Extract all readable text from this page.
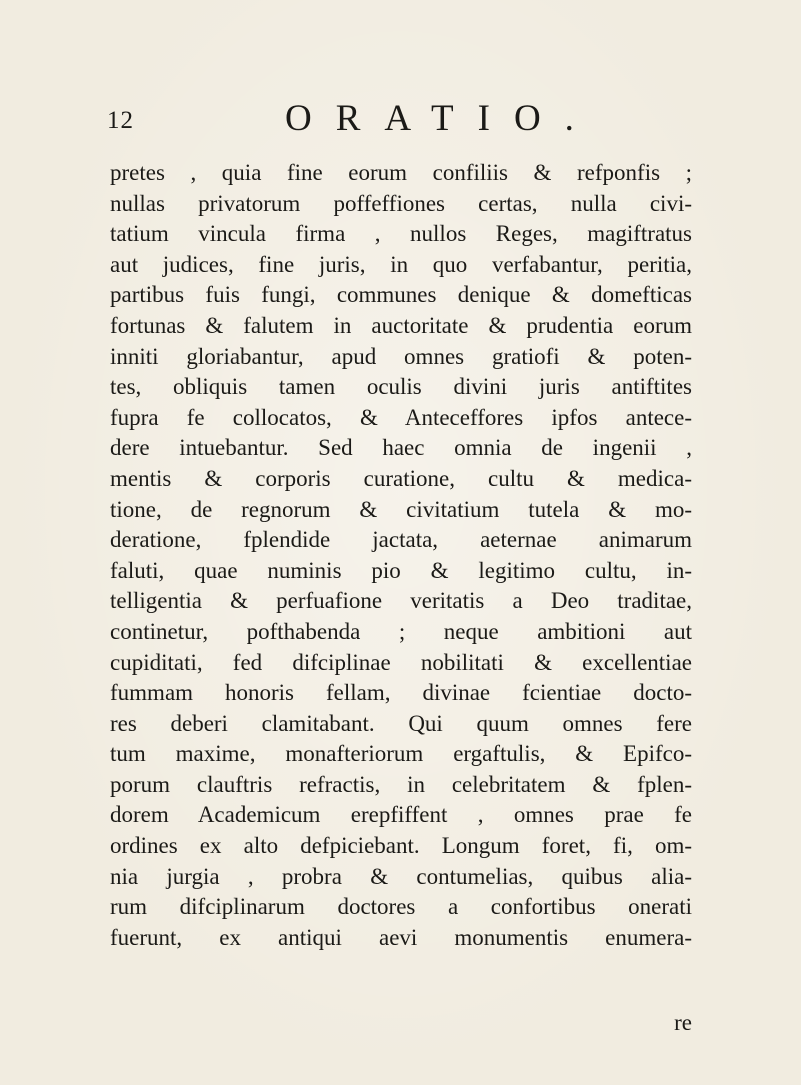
12	ORATIO.
pretes , quia fine eorum confiliis & refponfis ;
nullas privatorum poffeffiones certas, nulla civi-
tatium vincula firma , nullos Reges, magiftratus
aut judices, fine juris, in quo verfabantur, peritia,
partibus fuis fungi, communes denique & domefticas
fortunas & falutem in auctoritate & prudentia eorum
inniti gloriabantur, apud omnes gratiofi & poten-
tes, obliquis tamen oculis divini juris antiftites
fupra fe collocatos, & Anteceffores ipfos antece-
dere intuebantur. Sed haec omnia de ingenii ,
mentis & corporis curatione, cultu & medica-
tione, de regnorum & civitatium tutela & mo-
deratione, fplendide jactata, aeternae animarum
faluti, quae numinis pio & legitimo cultu, in-
telligentia & perfuafione veritatis a Deo traditae,
continetur, pofthabenda ; neque ambitioni aut
cupiditati, fed difciplinae nobilitati & excellentiae
fummam honoris fellam, divinae fcientiae docto-
res deberi clamitabant. Qui quum omnes fere
tum maxime, monafteriorum ergaftulis, & Epifco-
porum clauftris refractis, in celebritatem & fplen-
dorem Academicum erepfiffent , omnes prae fe
ordines ex alto defpiciebant. Longum foret, fi, om-
nia jurgia , probra & contumelias, quibus alia-
rum difciplinarum doctores a confortibus onerati
fuerunt, ex antiqui aevi monumentis enumera-
re
